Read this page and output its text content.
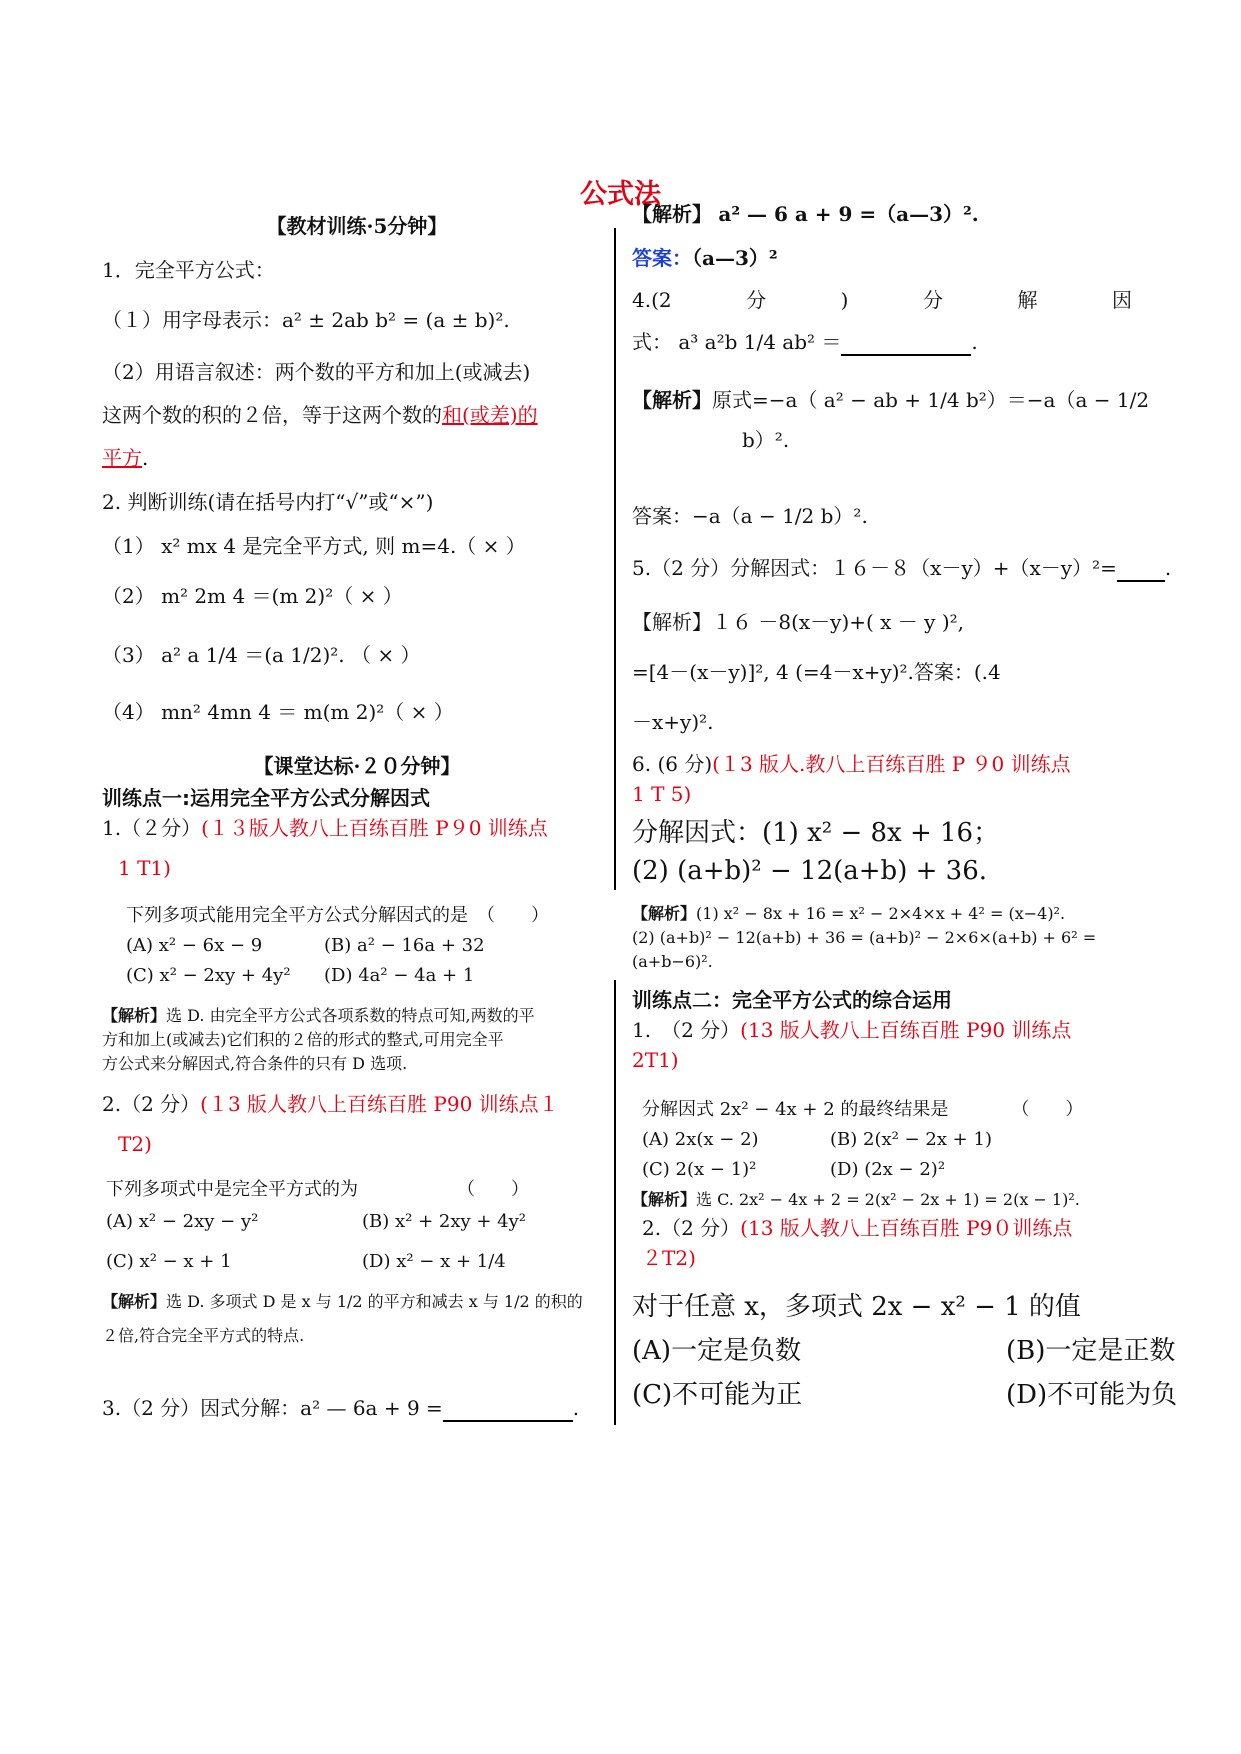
公式法
【教材训练·5分钟】
1．完全平方公式：
（１）用字母表示：a² ± 2ab b² = (a ± b)².
（2）用语言叙述：两个数的平方和加上(或减去)
这两个数的积的２倍，等于这两个数的和(或差)的
平方.
2. 判断训练(请在括号内打“√”或“×”)
（1） x² mx 4 是完全平方式, 则 m=4.（ × ）
（2） m² 2m 4 ＝(m 2)²（ × ）
（3） a² a 1/4 ＝(a 1/2)². （ × ）
（4） mn² 4mn 4 ＝ m(m 2)²（ × ）
【课堂达标·２０分钟】
训练点一:运用完全平方公式分解因式
1.（２分）(１３版人教八上百练百胜 P９0 训练点
1 T1)
下列多项式能用完全平方公式分解因式的是　（　　）
(A) x² − 6x − 9	(B) a² − 16a + 32
(C) x² − 2xy + 4y² (D) 4a² − 4a + 1
【解析】选 D. 由完全平方公式各项系数的特点可知,两数的平
方和加上(或减去)它们积的２倍的形式的整式,可用完全平
方公式来分解因式,符合条件的只有 D 选项.
2.（2 分）(１3 版人教八上百练百胜 P90 训练点１
T2)
下列多项式中是完全平方式的为　　　　　　（　　）
(A) x² − 2xy − y²	(B) x² + 2xy + 4y²
(C) x² − x + 1	(D) x² − x + 1/4
【解析】选 D. 多项式 D 是 x 与 1/2 的平方和减去 x 与 1/2 的积的
２倍,符合完全平方式的特点.
3.（2 分）因式分解：a² — 6a + 9 =	.
【解析】 a² — 6 a + 9 =（a—3）².
答案：（a—3）²
4.(2	分	)	分	解	因
式： a³ a²b 1/4 ab² ＝	.
【解析】原式=−a（ a² − ab + 1/4 b²）＝−a（a − 1/2
b）².
答案：−a（a − 1/2 b）².
5.（2 分）分解因式：１６－８（x－y）+（x－y）²= .
【解析】１６ －8(x－y)+( x － y )²,
=[4－(x－y)]², 4 (=4－x+y)².答案：(.4
－x+y)².
6. (6 分)(１3 版人.教八上百练百胜 P ９0 训练点
1 T 5)
分解因式：(1) x² − 8x + 16；
(2) (a+b)² − 12(a+b) + 36.
【解析】(1) x² − 8x + 16 = x² − 2×4×x + 4² = (x−4)².
(2) (a+b)² − 12(a+b) + 36 = (a+b)² − 2×6×(a+b) + 6² =
(a+b−6)².
训练点二：完全平方公式的综合运用
1.　（2 分）(13 版人教八上百练百胜 P90 训练点
2T1)
分解因式 2x² − 4x + 2 的最终结果是　　　　（　　）
(A) 2x(x − 2)	(B) 2(x² − 2x + 1)
(C) 2(x − 1)²	(D) (2x − 2)²
【解析】选 C. 2x² − 4x + 2 = 2(x² − 2x + 1) = 2(x − 1)².
2.（2 分）(13 版人教八上百练百胜 P9０训练点
２T2)
对于任意 x，多项式 2x − x² − 1 的值
(A)一定是负数	(B)一定是正数
(C)不可能为正	(D)不可能为负
